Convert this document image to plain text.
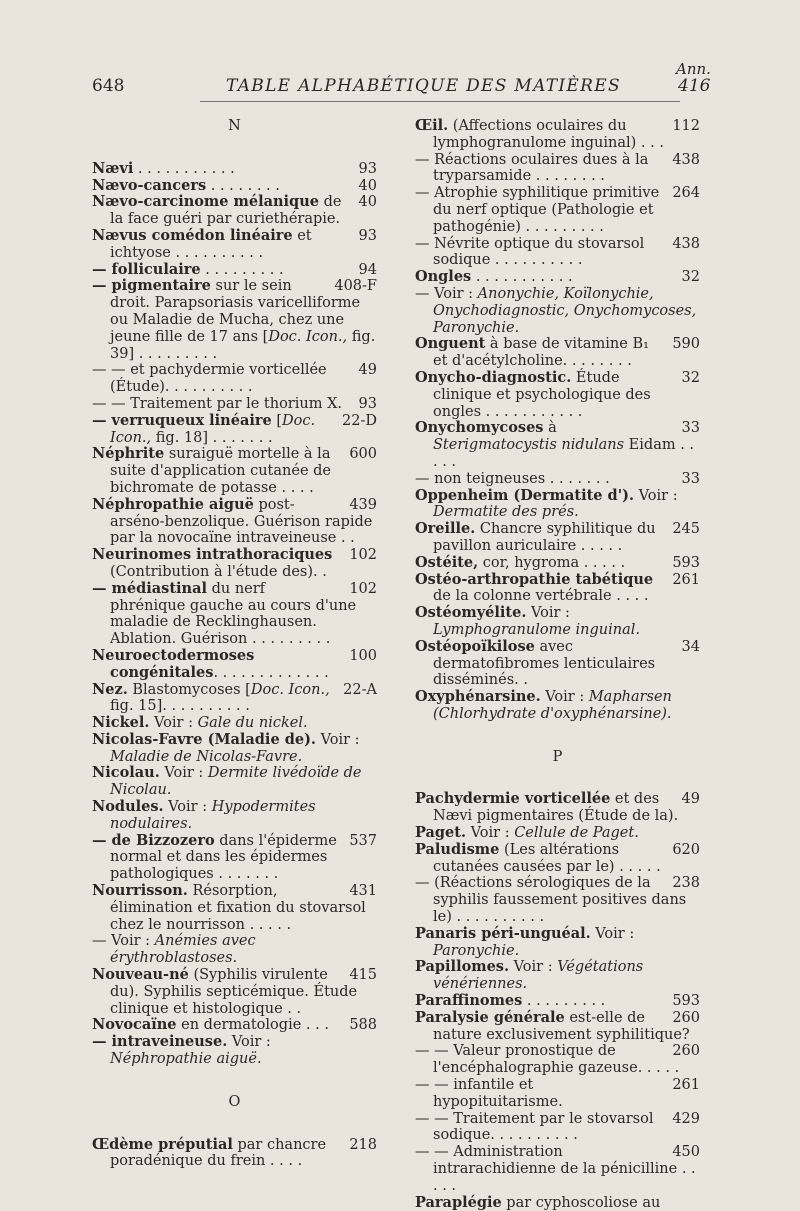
Ann.
648	TABLE ALPHABÉTIQUE DES MATIÈRES	416
N
93
Nævi . . . . . . . . . . .
40
Nævo-cancers . . . . . . . .
40
Nævo-carcinome mélanique de la face guéri par curiethérapie.
93
Nævus comédon linéaire et ichtyose . . . . . . . . . .
94
— folliculaire . . . . . . . . .
408-F
— pigmentaire sur le sein droit. Parapsoriasis varicelliforme ou Maladie de Mucha, chez une jeune fille de 17 ans [Doc. Icon., fig. 39] . . . . . . . . .
49
— — et pachydermie vorticellée (Étude). . . . . . . . . .
93
— — Traitement par le thorium X.
22-D
— verruqueux linéaire [Doc. Icon., fig. 18] . . . . . . .
600
Néphrite suraiguë mortelle à la suite d'application cutanée de bichromate de potasse . . . .
439
Néphropathie aiguë post-arséno-benzolique. Guérison rapide par la novocaïne intraveineuse . .
102
Neurinomes intrathoraciques (Contribution à l'étude des). .
102
— médiastinal du nerf phrénique gauche au cours d'une maladie de Recklinghausen. Ablation. Guérison . . . . . . . . .
100
Neuroectodermoses congénitales. . . . . . . . . . . . .
22-A
Nez. Blastomycoses [Doc. Icon., fig. 15]. . . . . . . . . .
Nickel. Voir : Gale du nickel.
Nicolas-Favre (Maladie de). Voir : Maladie de Nicolas-Favre.
Nicolau. Voir : Dermite livédoïde de Nicolau.
Nodules. Voir : Hypodermites nodulaires.
537
— de Bizzozero dans l'épiderme normal et dans les épidermes pathologiques . . . . . . .
431
Nourrisson. Résorption, élimination et fixation du stovarsol chez le nourrisson . . . . .
— Voir : Anémies avec érythroblastoses.
415
Nouveau-né (Syphilis virulente du). Syphilis septicémique. Étude clinique et histologique . .
588
Novocaïne en dermatologie . . .
— intraveineuse. Voir : Néphropathie aiguë.
O
218
Œdème préputial par chancre poradénique du frein . . . .
112
Œil. (Affections oculaires du lymphogranulome inguinal) . . .
438
— Réactions oculaires dues à la tryparsamide . . . . . . . .
264
— Atrophie syphilitique primitive du nerf optique (Pathologie et pathogénie) . . . . . . . . .
438
— Névrite optique du stovarsol sodique . . . . . . . . . .
32
Ongles . . . . . . . . . . .
— Voir : Anonychie, Koïlonychie, Onychodiagnostic, Onychomycoses, Paronychie.
590
Onguent à base de vitamine B₁ et d'acétylcholine. . . . . . . .
32
Onycho-diagnostic. Étude clinique et psychologique des ongles . . . . . . . . . . .
33
Onychomycoses à Sterigmatocystis nidulans Eidam . . . . .
33
— non teigneuses . . . . . . .
Oppenheim (Dermatite d'). Voir : Dermatite des prés.
245
Oreille. Chancre syphilitique du pavillon auriculaire . . . . .
593
Ostéite, cor, hygroma . . . . .
261
Ostéo-arthropathie tabétique de la colonne vertébrale . . . .
Ostéomyélite. Voir : Lymphogranulome inguinal.
34
Ostéopoïkilose avec dermatofibromes lenticulaires disséminés. .
Oxyphénarsine. Voir : Mapharsen (Chlorhydrate d'oxyphénarsine).
P
49
Pachydermie vorticellée et des Nævi pigmentaires (Étude de la).
Paget. Voir : Cellule de Paget.
620
Paludisme (Les altérations cutanées causées par le) . . . . .
238
— (Réactions sérologiques de la syphilis faussement positives dans le) . . . . . . . . . .
Panaris péri-unguéal. Voir : Paronychie.
Papillomes. Voir : Végétations vénériennes.
593
Paraffinomes . . . . . . . . .
260
Paralysie générale est-elle de nature exclusivement syphilitique?
260
— — Valeur pronostique de l'encéphalographie gazeuse. . . . .
261
— — infantile et hypopituitarisme.
429
— — Traitement par le stovarsol sodique. . . . . . . . . .
450
— — Administration intrarachidienne de la pénicilline . . . . .
Paraplégie par cyphoscoliose au
